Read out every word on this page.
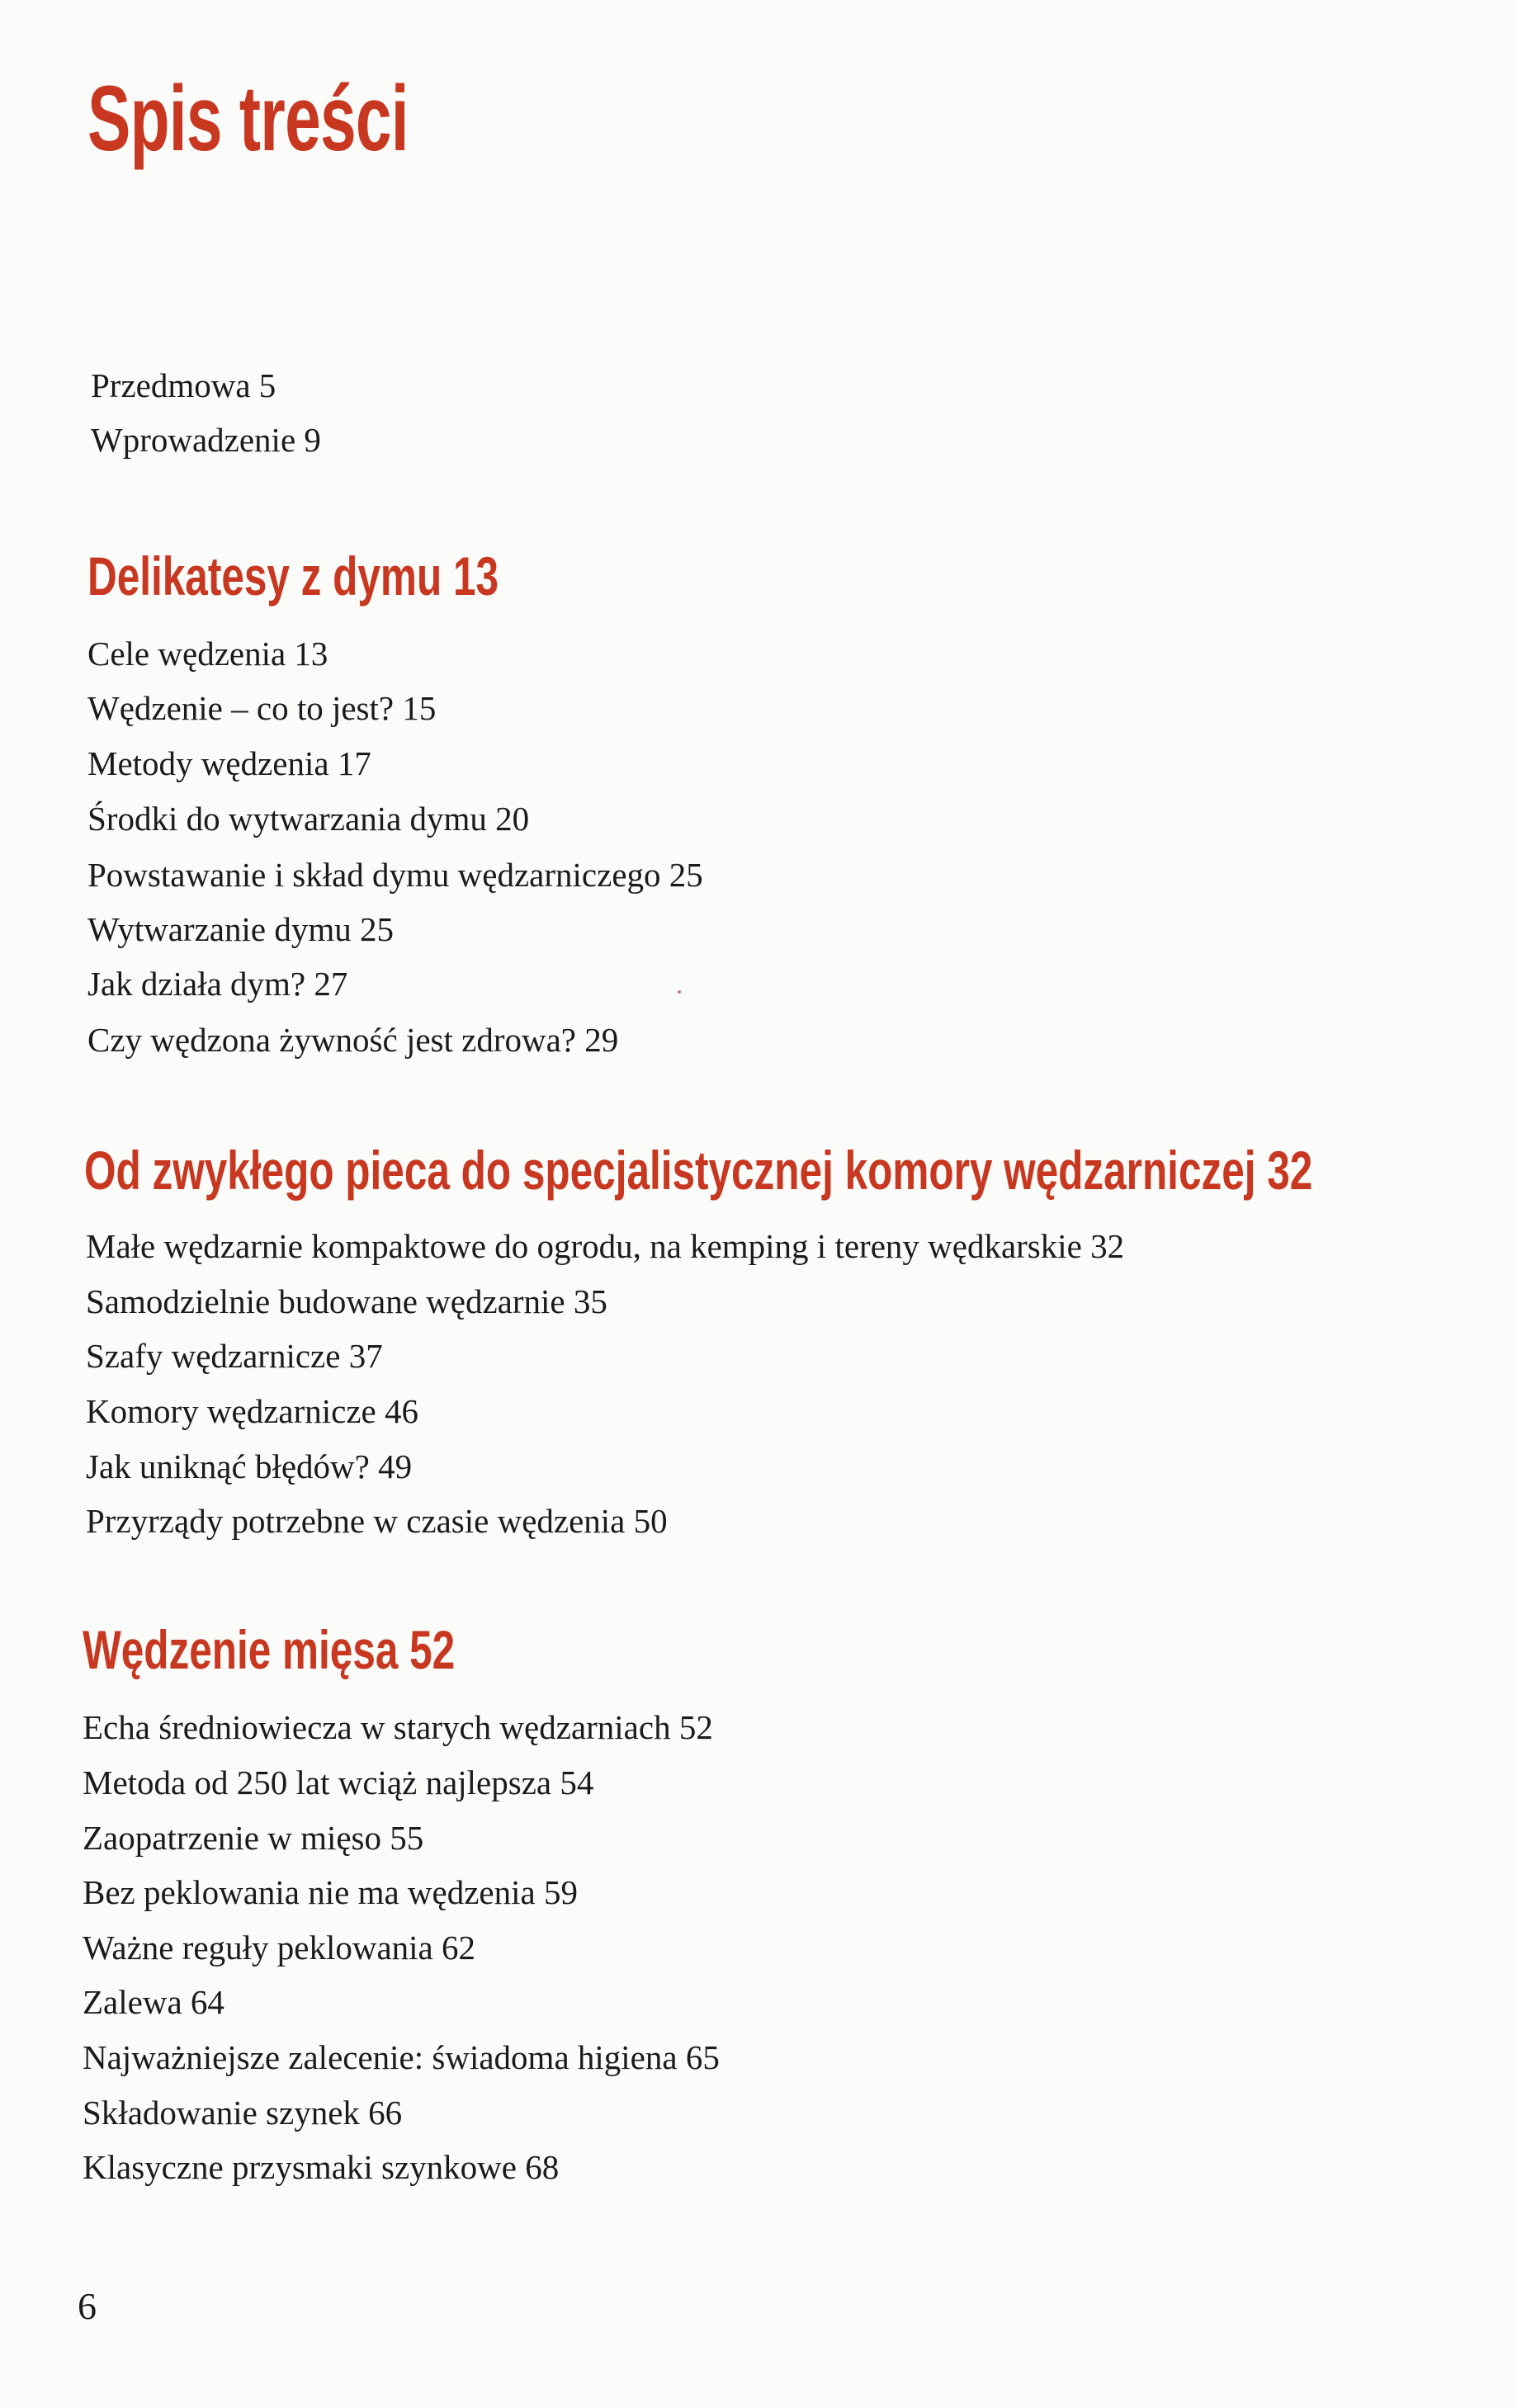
Spis treści
Przedmowa 5
Wprowadzenie 9
Delikatesy z dymu 13
Cele wędzenia 13
Wędzenie – co to jest? 15
Metody wędzenia 17
Środki do wytwarzania dymu 20
Powstawanie i skład dymu wędzarniczego 25
Wytwarzanie dymu 25
Jak działa dym? 27
Czy wędzona żywność jest zdrowa? 29
Od zwykłego pieca do specjalistycznej komory wędzarniczej 32
Małe wędzarnie kompaktowe do ogrodu, na kemping i tereny wędkarskie 32
Samodzielnie budowane wędzarnie 35
Szafy wędzarnicze 37
Komory wędzarnicze 46
Jak uniknąć błędów? 49
Przyrządy potrzebne w czasie wędzenia 50
Wędzenie mięsa 52
Echa średniowiecza w starych wędzarniach 52
Metoda od 250 lat wciąż najlepsza 54
Zaopatrzenie w mięso 55
Bez peklowania nie ma wędzenia 59
Ważne reguły peklowania 62
Zalewa 64
Najważniejsze zalecenie: świadoma higiena 65
Składowanie szynek 66
Klasyczne przysmaki szynkowe 68
6
